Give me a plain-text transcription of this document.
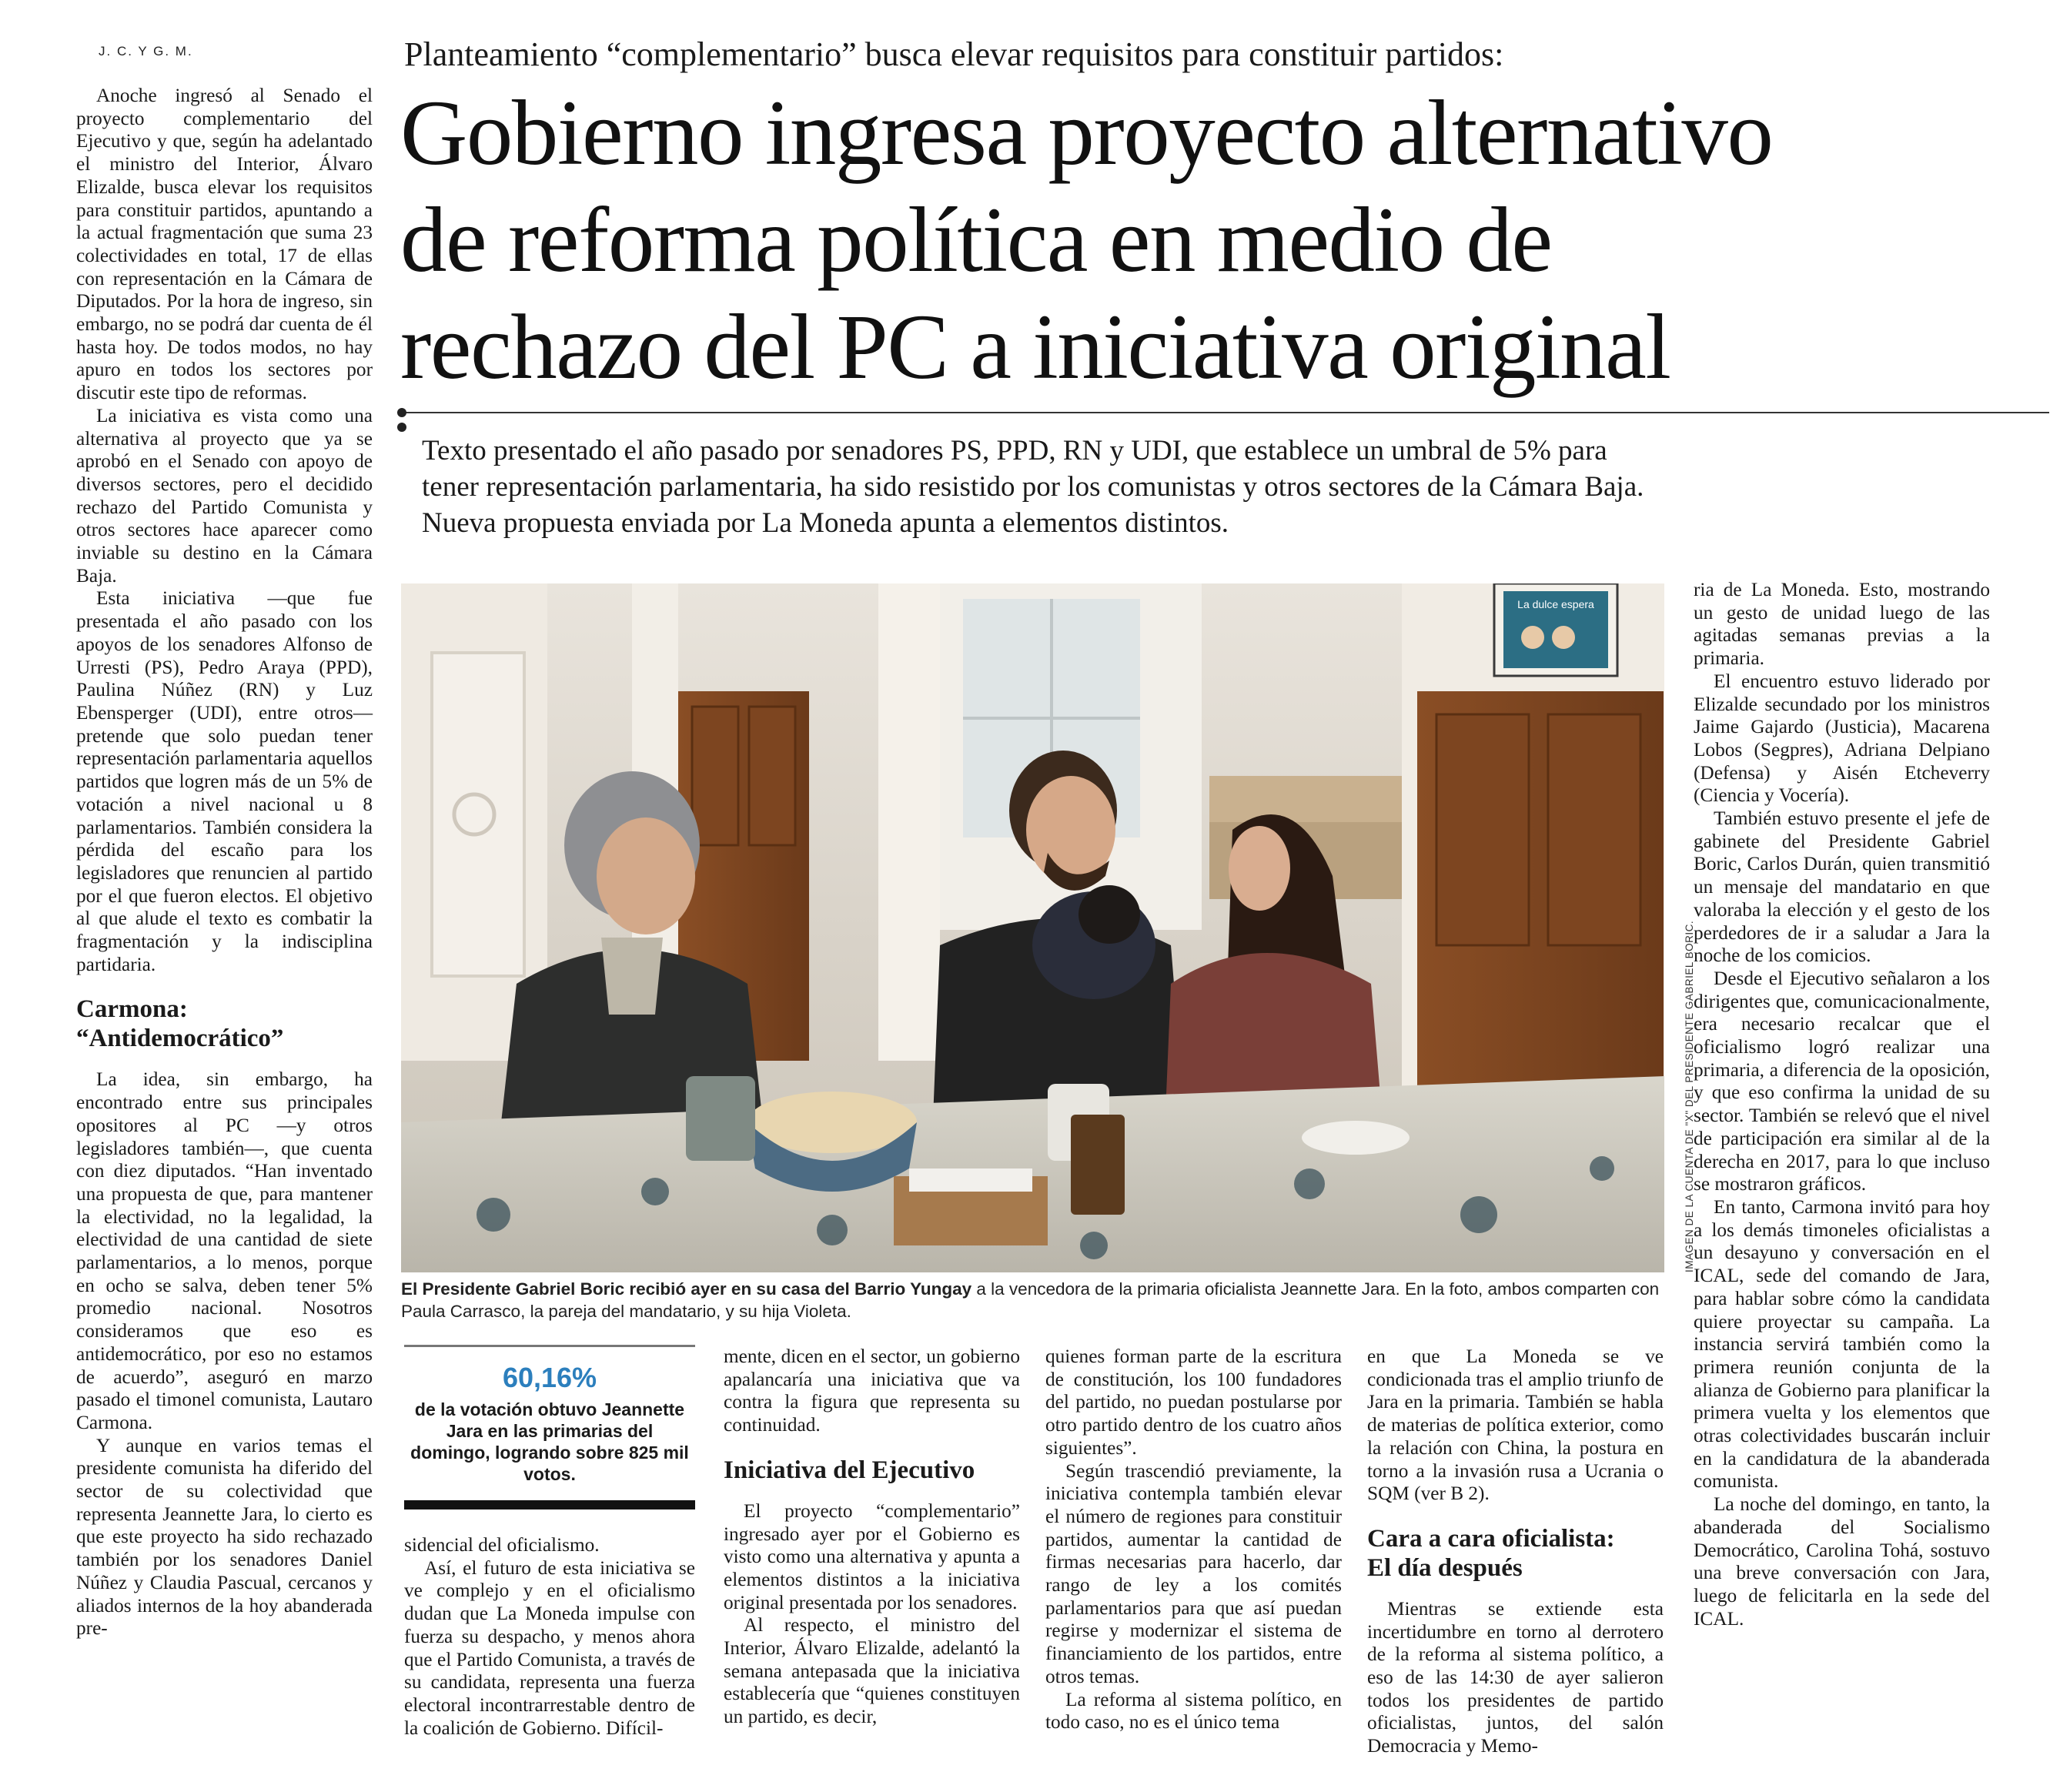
J. C. Y G. M.	Planteamiento “complementario” busca elevar requisitos para constituir partidos:
Gobierno ingresa proyecto alternativo
de reforma política en medio de
rechazo del PC a iniciativa original
Texto presentado el año pasado por senadores PS, PPD, RN y UDI, que establece un umbral de 5% para
tener representación parlamentaria, ha sido resistido por los comunistas y otros sectores de la Cámara Baja.
Nueva propuesta enviada por La Moneda apunta a elementos distintos.

Anoche ingresó al Senado el proyecto complementario del Ejecutivo y que, según ha adelantado el ministro del Interior, Álvaro Elizalde, busca elevar los requisitos para constituir partidos, apuntando a la actual fragmentación que suma 23 colectividades en total, 17 de ellas con representación en la Cámara de Diputados. Por la hora de ingreso, sin embargo, no se podrá dar cuenta de él hasta hoy. De todos modos, no hay apuro en todos los sectores por discutir este tipo de reformas.

La iniciativa es vista como una alternativa al proyecto que ya se aprobó en el Senado con apoyo de diversos sectores, pero el decidido rechazo del Partido Comunista y otros sectores hace aparecer como inviable su destino en la Cámara Baja.

Esta iniciativa —que fue presentada el año pasado con los apoyos de los senadores Alfonso de Urresti (PS), Pedro Araya (PPD), Paulina Núñez (RN) y Luz Ebensperger (UDI), entre otros— pretende que solo puedan tener representación parlamentaria aquellos partidos que logren más de un 5% de votación a nivel nacional u 8 parlamentarios. También considera la pérdida del escaño para los legisladores que renuncien al partido por el que fueron electos. El objetivo al que alude el texto es combatir la fragmentación y la indisciplina partidaria.

Carmona:
“Antidemocrático”

La idea, sin embargo, ha encontrado entre sus principales opositores al PC —y otros legisladores también—, que cuenta con diez diputados. “Han inventado una propuesta de que, para mantener la electividad, no la legalidad, la electividad de una cantidad de siete parlamentarios, a lo menos, porque en ocho se salva, deben tener 5% promedio nacional. Nosotros consideramos que eso es antidemocrático, por eso no estamos de acuerdo”, aseguró en marzo pasado el timonel comunista, Lautaro Carmona.

Y aunque en varios temas el presidente comunista ha diferido del sector de su colectividad que representa Jeannette Jara, lo cierto es que este proyecto ha sido rechazado también por los senadores Daniel Núñez y Claudia Pascual, cercanos y aliados internos de la hoy abanderada pre-

La dulce espera
IMAGEN DE LA CUENTA DE "X" DEL PRESIDENTE GABRIEL BORIC.
El Presidente Gabriel Boric recibió ayer en su casa del Barrio Yungay a la vencedora de la primaria oficialista Jeannette Jara. En la foto, ambos comparten con Paula Carrasco, la pareja del mandatario, y su hija Violeta.
60,16%
de la votación obtuvo Jeannette Jara en las primarias del domingo, logrando sobre 825 mil votos.

sidencial del oficialismo.

Así, el futuro de esta iniciativa se ve complejo y en el oficialismo dudan que La Moneda impulse con fuerza su despacho, y menos ahora que el Partido Comunista, a través de su candidata, representa una fuerza electoral incontrarrestable dentro de la coalición de Gobierno. Difícil-

mente, dicen en el sector, un gobierno apalancaría una iniciativa que va contra la figura que representa su continuidad.

Iniciativa del Ejecutivo

El proyecto “complementario” ingresado ayer por el Gobierno es visto como una alternativa y apunta a elementos distintos a la iniciativa original presentada por los senadores.

Al respecto, el ministro del Interior, Álvaro Elizalde, adelantó la semana antepasada que la iniciativa establecería que “quienes constituyen un partido, es decir,

quienes forman parte de la escritura de constitución, los 100 fundadores del partido, no puedan postularse por otro partido dentro de los cuatro años siguientes”.

Según trascendió previamente, la iniciativa contempla también elevar el número de regiones para constituir partidos, aumentar la cantidad de firmas necesarias para hacerlo, dar rango de ley a los comités parlamentarios para que así puedan regirse y modernizar el sistema de financiamiento de los partidos, entre otros temas.

La reforma al sistema político, en todo caso, no es el único tema

en que La Moneda se ve condicionada tras el amplio triunfo de Jara en la primaria. También se habla de materias de política exterior, como la relación con China, la postura en torno a la invasión rusa a Ucrania o SQM (ver B 2).

Cara a cara oficialista:
El día después

Mientras se extiende esta incertidumbre en torno al derrotero de la reforma al sistema político, a eso de las 14:30 de ayer salieron todos los presidentes de partido oficialistas, juntos, del salón Democracia y Memo-

ria de La Moneda. Esto, mostrando un gesto de unidad luego de las agitadas semanas previas a la primaria.

El encuentro estuvo liderado por Elizalde secundado por los ministros Jaime Gajardo (Justicia), Macarena Lobos (Segpres), Adriana Delpiano (Defensa) y Aisén Etcheverry (Ciencia y Vocería).

También estuvo presente el jefe de gabinete del Presidente Gabriel Boric, Carlos Durán, quien transmitió un mensaje del mandatario en que valoraba la elección y el gesto de los perdedores de ir a saludar a Jara la noche de los comicios.

Desde el Ejecutivo señalaron a los dirigentes que, comunicacionalmente, era necesario recalcar que el oficialismo logró realizar una primaria, a diferencia de la oposición, y que eso confirma la unidad de su sector. También se relevó que el nivel de participación era similar al de la derecha en 2017, para lo que incluso se mostraron gráficos.

En tanto, Carmona invitó para hoy a los demás timoneles oficialistas a un desayuno y conversación en el ICAL, sede del comando de Jara, para hablar sobre cómo la candidata quiere proyectar su campaña. La instancia servirá también como la primera reunión conjunta de la alianza de Gobierno para planificar la primera vuelta y los elementos que otras colectividades buscarán incluir en la candidatura de la abanderada comunista.

La noche del domingo, en tanto, la abanderada del Socialismo Democrático, Carolina Tohá, sostuvo una breve conversación con Jara, luego de felicitarla en la sede del ICAL.
